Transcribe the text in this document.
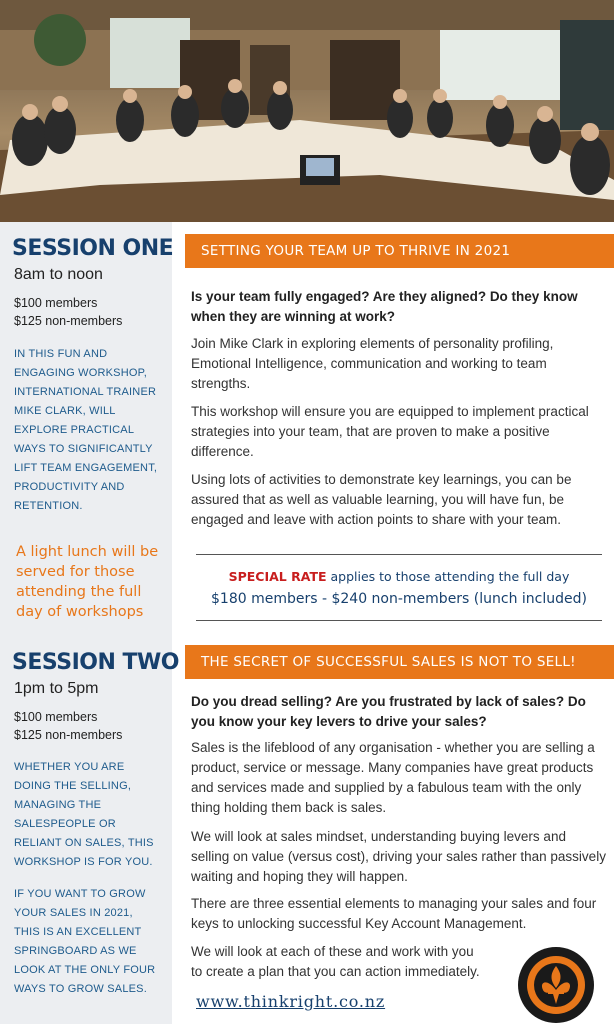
SESSION ONE
8am to noon
$100 members
$125 non-members
IN THIS FUN AND
ENGAGING WORKSHOP,
INTERNATIONAL TRAINER
MIKE CLARK, WILL
EXPLORE PRACTICAL
WAYS TO SIGNIFICANTLY
LIFT TEAM ENGAGEMENT,
PRODUCTIVITY AND
RETENTION.
A light lunch will be
served for those
attending the full
day of workshops
SESSION TWO
1pm to 5pm
$100 members
$125 non-members
WHETHER YOU ARE
DOING THE SELLING,
MANAGING THE
SALESPEOPLE OR
RELIANT ON SALES, THIS
WORKSHOP IS FOR YOU.
IF YOU WANT TO GROW
YOUR SALES IN 2021,
THIS IS AN EXCELLENT
SPRINGBOARD AS WE
LOOK AT THE ONLY FOUR
WAYS TO GROW SALES.
SETTING YOUR TEAM UP TO THRIVE IN 2021
Is your team fully engaged? Are they aligned? Do they know when they are winning at work?

Join Mike Clark in exploring elements of personality profiling, Emotional Intelligence, communication and working to team strengths.

This workshop will ensure you are equipped to implement practical strategies into your team, that are proven to make a positive difference.

Using lots of activities to demonstrate key learnings, you can be assured that as well as valuable learning, you will have fun, be engaged and leave with action points to share with your team.

SPECIAL RATE applies to those attending the full day
$180 members - $240 non-members (lunch included)
THE SECRET OF SUCCESSFUL SALES IS NOT TO SELL!
Do you dread selling? Are you frustrated by lack of sales? Do you know your key levers to drive your sales?

Sales is the lifeblood of any organisation - whether you are selling a product, service or message. Many companies have great products and services made and supplied by a fabulous team with the only thing holding them back is sales.

We will look at sales mindset, understanding buying levers and selling on value (versus cost), driving your sales rather than passively waiting and hoping they will happen.

There are three essential elements to managing your sales and four keys to unlocking successful Key Account Management.

We will look at each of these and work with you
to create a plan that you can action immediately.
www.thinkright.co.nz
